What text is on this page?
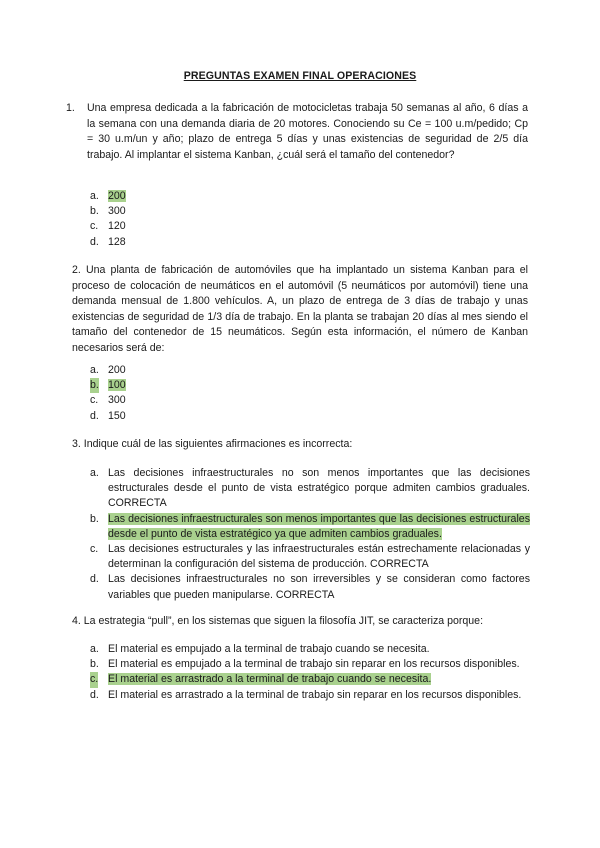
PREGUNTAS EXAMEN FINAL OPERACIONES
1. Una empresa dedicada a la fabricación de motocicletas trabaja 50 semanas al año, 6 días a la semana con una demanda diaria de 20 motores. Conociendo su Ce = 100 u.m/pedido; Cp = 30 u.m/un y año; plazo de entrega 5 días y unas existencias de seguridad de 2/5 día trabajo. Al implantar el sistema Kanban, ¿cuál será el tamaño del contenedor?
a. 200
b. 300
c. 120
d. 128
2. Una planta de fabricación de automóviles que ha implantado un sistema Kanban para el proceso de colocación de neumáticos en el automóvil (5 neumáticos por automóvil) tiene una demanda mensual de 1.800 vehículos. A, un plazo de entrega de 3 días de trabajo y unas existencias de seguridad de 1/3 día de trabajo. En la planta se trabajan 20 días al mes siendo el tamaño del contenedor de 15 neumáticos. Según esta información, el número de Kanban necesarios será de:
a. 200
b. 100
c. 300
d. 150
3. Indique cuál de las siguientes afirmaciones es incorrecta:
a. Las decisiones infraestructurales no son menos importantes que las decisiones estructurales desde el punto de vista estratégico porque admiten cambios graduales. CORRECTA
b. Las decisiones infraestructurales son menos importantes que las decisiones estructurales desde el punto de vista estratégico ya que admiten cambios graduales.
c. Las decisiones estructurales y las infraestructurales están estrechamente relacionadas y determinan la configuración del sistema de producción. CORRECTA
d. Las decisiones infraestructurales no son irreversibles y se consideran como factores variables que pueden manipularse. CORRECTA
4. La estrategia “pull”, en los sistemas que siguen la filosofía JIT, se caracteriza porque:
a. El material es empujado a la terminal de trabajo cuando se necesita.
b. El material es empujado a la terminal de trabajo sin reparar en los recursos disponibles.
c. El material es arrastrado a la terminal de trabajo cuando se necesita.
d. El material es arrastrado a la terminal de trabajo sin reparar en los recursos disponibles.
